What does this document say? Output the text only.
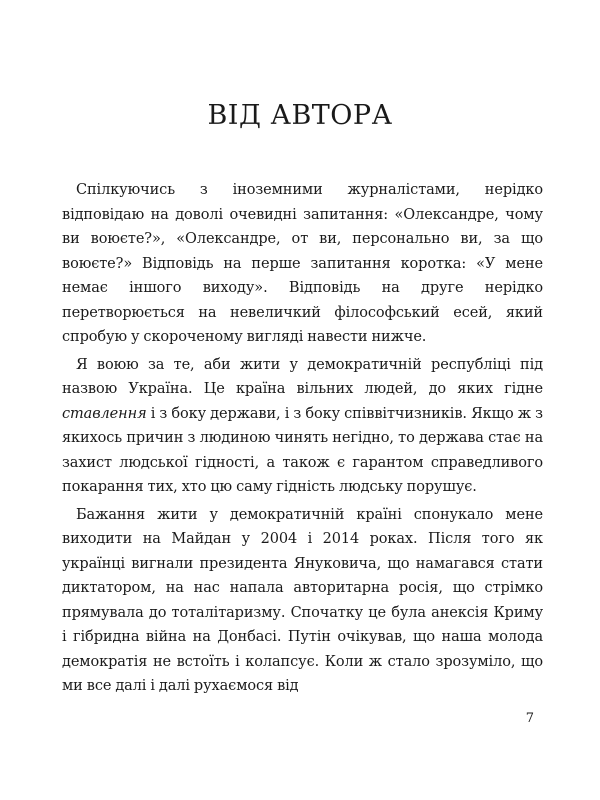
ВІД АВТОРА

Спілкуючись з іноземними журналістами, нерідко відповідаю на доволі очевидні запитання: «Олександре, чому ви воюєте?», «Олександре, от ви, персонально ви, за що воюєте?» Відповідь на перше запитання коротка: «У мене немає іншого виходу». Відповідь на друге нерідко перетворюється на невеличкий філософський есей, який спробую у скороченому вигляді навести нижче.

Я воюю за те, аби жити у демократичній республіці під назвою Україна. Це країна вільних людей, до яких гідне ставлення і з боку держави, і з боку співвітчизників. Якщо ж з якихось причин з людиною чинять негідно, то держава стає на захист людської гідності, а також є гарантом справедливого покарання тих, хто цю саму гідність людську порушує.

Бажання жити у демократичній країні спонукало мене виходити на Майдан у 2004 і 2014 роках. Після того як українці вигнали президента Януковича, що намагався стати диктатором, на нас напала авторитарна росія, що стрімко прямувала до тоталітаризму. Спочатку це була анексія Криму і гібридна війна на Донбасі. Путін очікував, що наша молода демократія не встоїть і колапсує. Коли ж стало зрозуміло, що ми все далі і далі рухаємося від

7
